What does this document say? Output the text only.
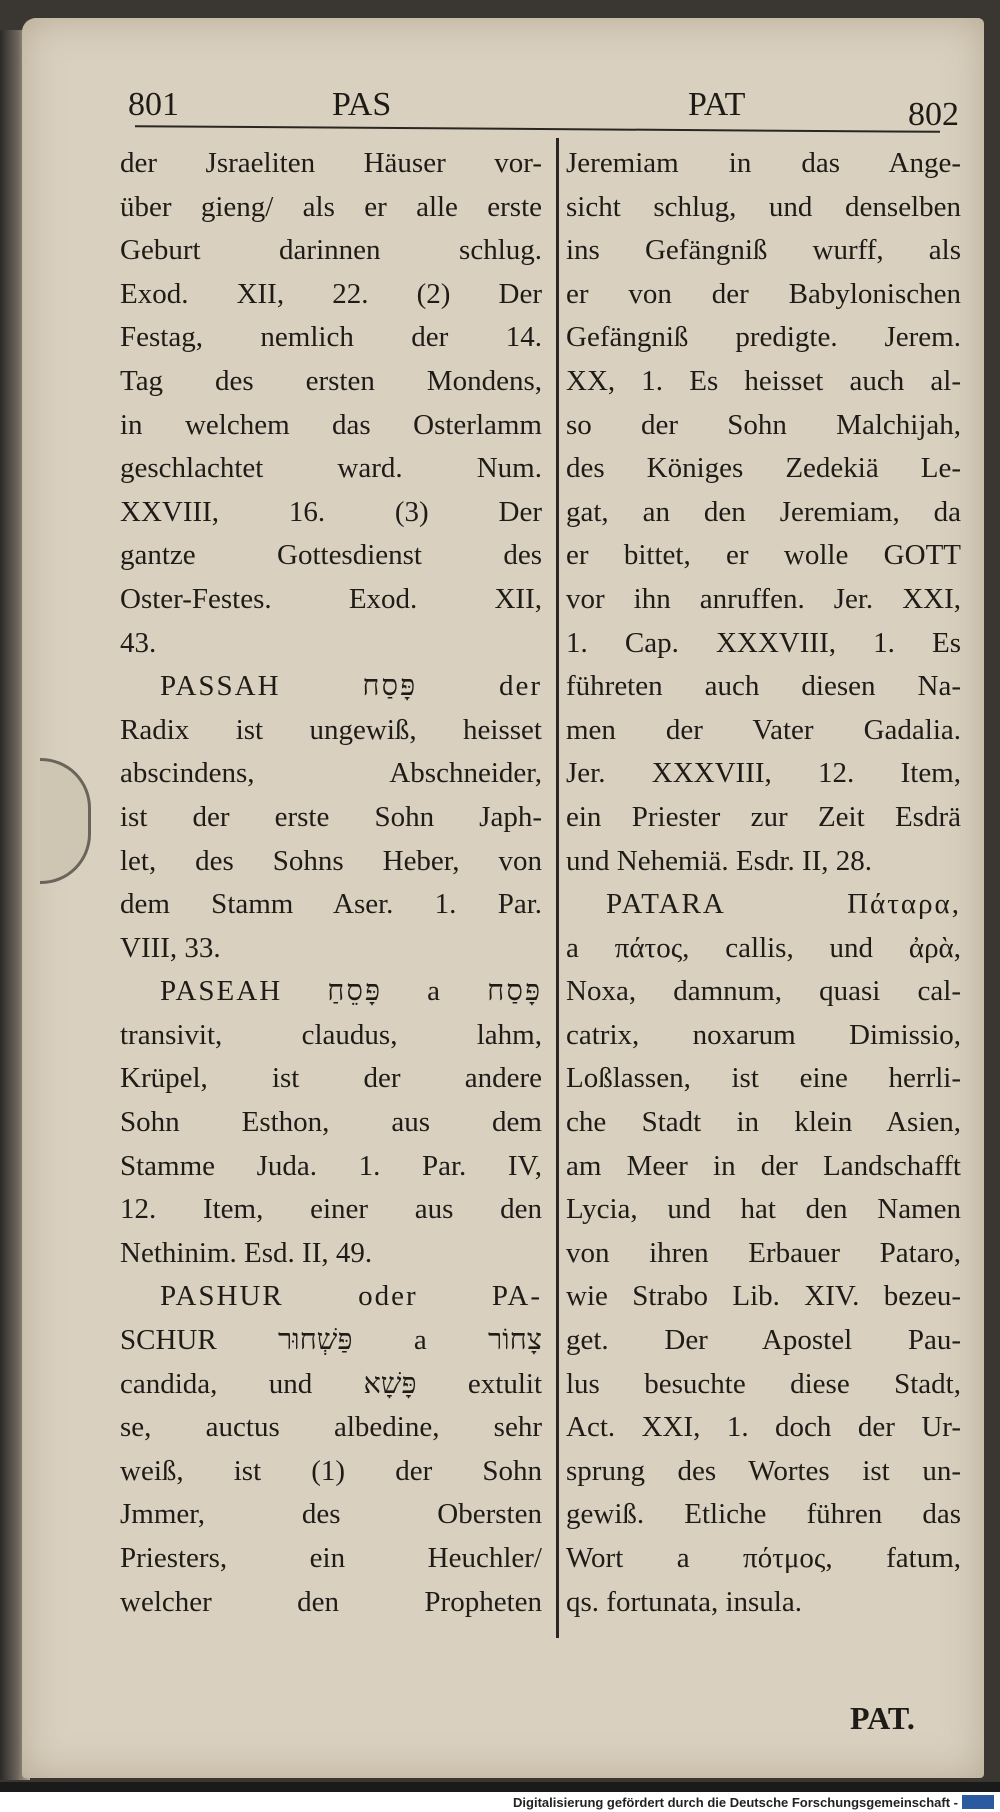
801	PAS	PAT	802
der Jsraeliten Häuser vor-
über gieng/ als er alle erste
Geburt darinnen schlug.
Exod. XII, 22. (2) Der
Festag, nemlich der 14.
Tag des ersten Mondens,
in welchem das Osterlamm
geschlachtet ward. Num.
XXVIII, 16. (3) Der
gantze Gottesdienst des
Oster-Festes. Exod. XII,
43.
PASSAH פָּסַח der
Radix ist ungewiß, heisset
abscindens, Abschneider,
ist der erste Sohn Japh-
let, des Sohns Heber, von
dem Stamm Aser. 1. Par.
VIII, 33.
PASEAH פָּסֵחַ a פָּסַח
transivit, claudus, lahm,
Krüpel, ist der andere
Sohn Esthon, aus dem
Stamme Juda. 1. Par. IV,
12. Item, einer aus den
Nethinim. Esd. II, 49.
PASHUR oder PA-
SCHUR פַּשְׁחוּר a צָחוֹר
candida, und פָּשָׁא extulit
se, auctus albedine, sehr
weiß, ist (1) der Sohn
Jmmer, des Obersten
Priesters, ein Heuchler/
welcher den Propheten
Jeremiam in das Ange-
sicht schlug, und denselben
ins Gefängniß wurff, als
er von der Babylonischen
Gefängniß predigte. Jerem.
XX, 1. Es heisset auch al-
so der Sohn Malchijah,
des Königes Zedekiä Le-
gat, an den Jeremiam, da
er bittet, er wolle GOTT
vor ihn anruffen. Jer. XXI,
1. Cap. XXXVIII, 1. Es
führeten auch diesen Na-
men der Vater Gadalia.
Jer. XXXVIII, 12. Item,
ein Priester zur Zeit Esdrä
und Nehemiä. Esdr. II, 28.
PATARA Πάταρα,
a πάτος, callis, und ἀρὰ,
Noxa, damnum, quasi cal-
catrix, noxarum Dimissio,
Loßlassen, ist eine herrli-
che Stadt in klein Asien,
am Meer in der Landschafft
Lycia, und hat den Namen
von ihren Erbauer Pataro,
wie Strabo Lib. XIV. bezeu-
get. Der Apostel Pau-
lus besuchte diese Stadt,
Act. XXI, 1. doch der Ur-
sprung des Wortes ist un-
gewiß. Etliche führen das
Wort a πότμος, fatum,
qs. fortunata, insula.
PAT.
Digitalisierung gefördert durch die Deutsche Forschungsgemeinschaft -
